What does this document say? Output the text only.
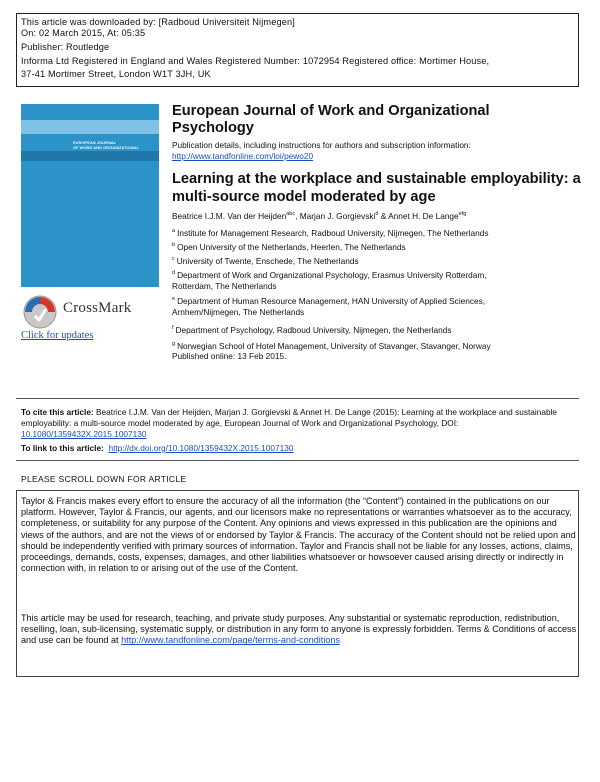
This article was downloaded by: [Radboud Universiteit Nijmegen]
On: 02 March 2015, At: 05:35
Publisher: Routledge
Informa Ltd Registered in England and Wales Registered Number: 1072954 Registered office: Mortimer House,
37-41 Mortimer Street, London W1T 3JH, UK
EUROPEAN JOURNAL
OF WORK AND ORGANIZATIONAL
CrossMark
Click for updates
European Journal of Work and Organizational Psychology
Publication details, including instructions for authors and subscription information:
http://www.tandfonline.com/loi/pewo20
Learning at the workplace and sustainable employability: a multi-source model moderated by age
Beatrice I.J.M. Van der Heijden$^{abc}$, Marjan J. Gorgievski$^d$ & Annet H. De Lange$^{efg}$
$^a$ Institute for Management Research, Radboud University, Nijmegen, The Netherlands
$^b$ Open University of the Netherlands, Heerlen, The Netherlands
$^c$ University of Twente, Enschede, The Netherlands
$^d$ Department of Work and Organizational Psychology, Erasmus University Rotterdam,
Rotterdam, The Netherlands
$^e$ Department of Human Resource Management, HAN University of Applied Sciences,
Arnhem/Nijmegen, The Netherlands
$^f$ Department of Psychology, Radboud University, Nijmegen, the Netherlands
$^g$ Norwegian School of Hotel Management, University of Stavanger, Stavanger, Norway
Published online: 13 Feb 2015.
To cite this article: Beatrice I.J.M. Van der Heijden, Marjan J. Gorgievski & Annet H. De Lange (2015): Learning at the workplace and sustainable employability: a multi-source model moderated by age, European Journal of Work and Organizational Psychology, DOI: 10.1080/1359432X.2015.1007130
To link to this article: http://dx.doi.org/10.1080/1359432X.2015.1007130
PLEASE SCROLL DOWN FOR ARTICLE

Taylor & Francis makes every effort to ensure the accuracy of all the information (the “Content”) contained in the publications on our platform. However, Taylor & Francis, our agents, and our licensors make no representations or warranties whatsoever as to the accuracy, completeness, or suitability for any purpose of the Content. Any opinions and views expressed in this publication are the opinions and views of the authors, and are not the views of or endorsed by Taylor & Francis. The accuracy of the Content should not be relied upon and should be independently verified with primary sources of information. Taylor and Francis shall not be liable for any losses, actions, claims, proceedings, demands, costs, expenses, damages, and other liabilities whatsoever or howsoever caused arising directly or indirectly in connection with, in relation to or arising out of the use of the Content.

This article may be used for research, teaching, and private study purposes. Any substantial or systematic reproduction, redistribution, reselling, loan, sub-licensing, systematic supply, or distribution in any form to anyone is expressly forbidden. Terms & Conditions of access and use can be found at http://www.tandfonline.com/page/terms-and-conditions
